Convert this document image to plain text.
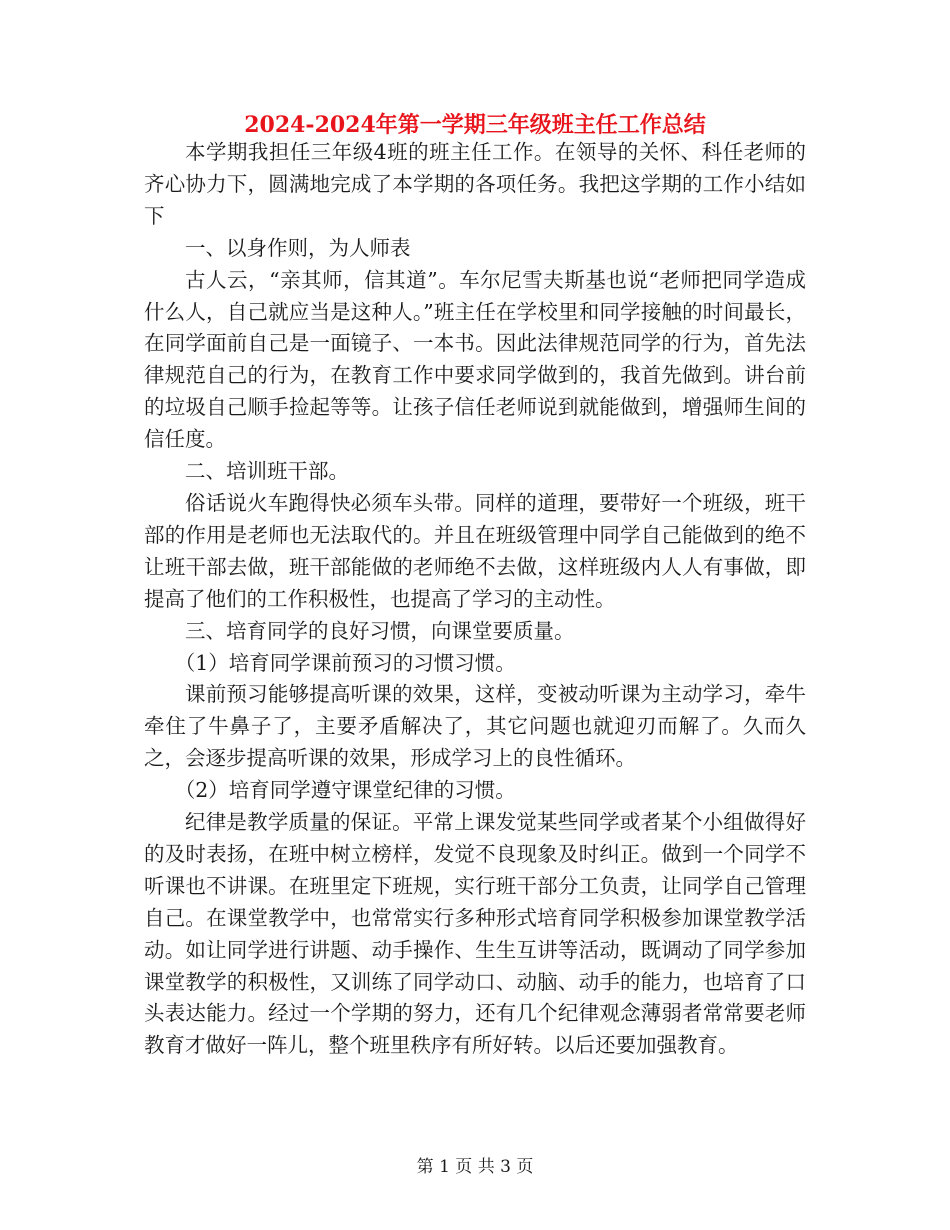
2024-2024年第一学期三年级班主任工作总结

本学期我担任三年级4班的班主任工作。在领导的关怀、科任老师的齐心协力下，圆满地完成了本学期的各项任务。我把这学期的工作小结如下

一、以身作则，为人师表

古人云，“亲其师，信其道”。车尔尼雪夫斯基也说“老师把同学造成什么人，自己就应当是这种人。”班主任在学校里和同学接触的时间最长，在同学面前自己是一面镜子、一本书。因此法律规范同学的行为，首先法律规范自己的行为，在教育工作中要求同学做到的，我首先做到。讲台前的垃圾自己顺手捡起等等。让孩子信任老师说到就能做到，增强师生间的信任度。

二、培训班干部。

俗话说火车跑得快必须车头带。同样的道理，要带好一个班级，班干部的作用是老师也无法取代的。并且在班级管理中同学自己能做到的绝不让班干部去做，班干部能做的老师绝不去做，这样班级内人人有事做，即提高了他们的工作积极性，也提高了学习的主动性。

三、培育同学的良好习惯，向课堂要质量。

（1）培育同学课前预习的习惯习惯。

课前预习能够提高听课的效果，这样，变被动听课为主动学习，牵牛牵住了牛鼻子了，主要矛盾解决了，其它问题也就迎刃而解了。久而久之，会逐步提高听课的效果，形成学习上的良性循环。

（2）培育同学遵守课堂纪律的习惯。

纪律是教学质量的保证。平常上课发觉某些同学或者某个小组做得好的及时表扬，在班中树立榜样，发觉不良现象及时纠正。做到一个同学不听课也不讲课。在班里定下班规，实行班干部分工负责，让同学自己管理自己。在课堂教学中，也常常实行多种形式培育同学积极参加课堂教学活动。如让同学进行讲题、动手操作、生生互讲等活动，既调动了同学参加课堂教学的积极性，又训练了同学动口、动脑、动手的能力，也培育了口头表达能力。经过一个学期的努力，还有几个纪律观念薄弱者常常要老师教育才做好一阵儿，整个班里秩序有所好转。以后还要加强教育。

第 1 页 共 3 页
